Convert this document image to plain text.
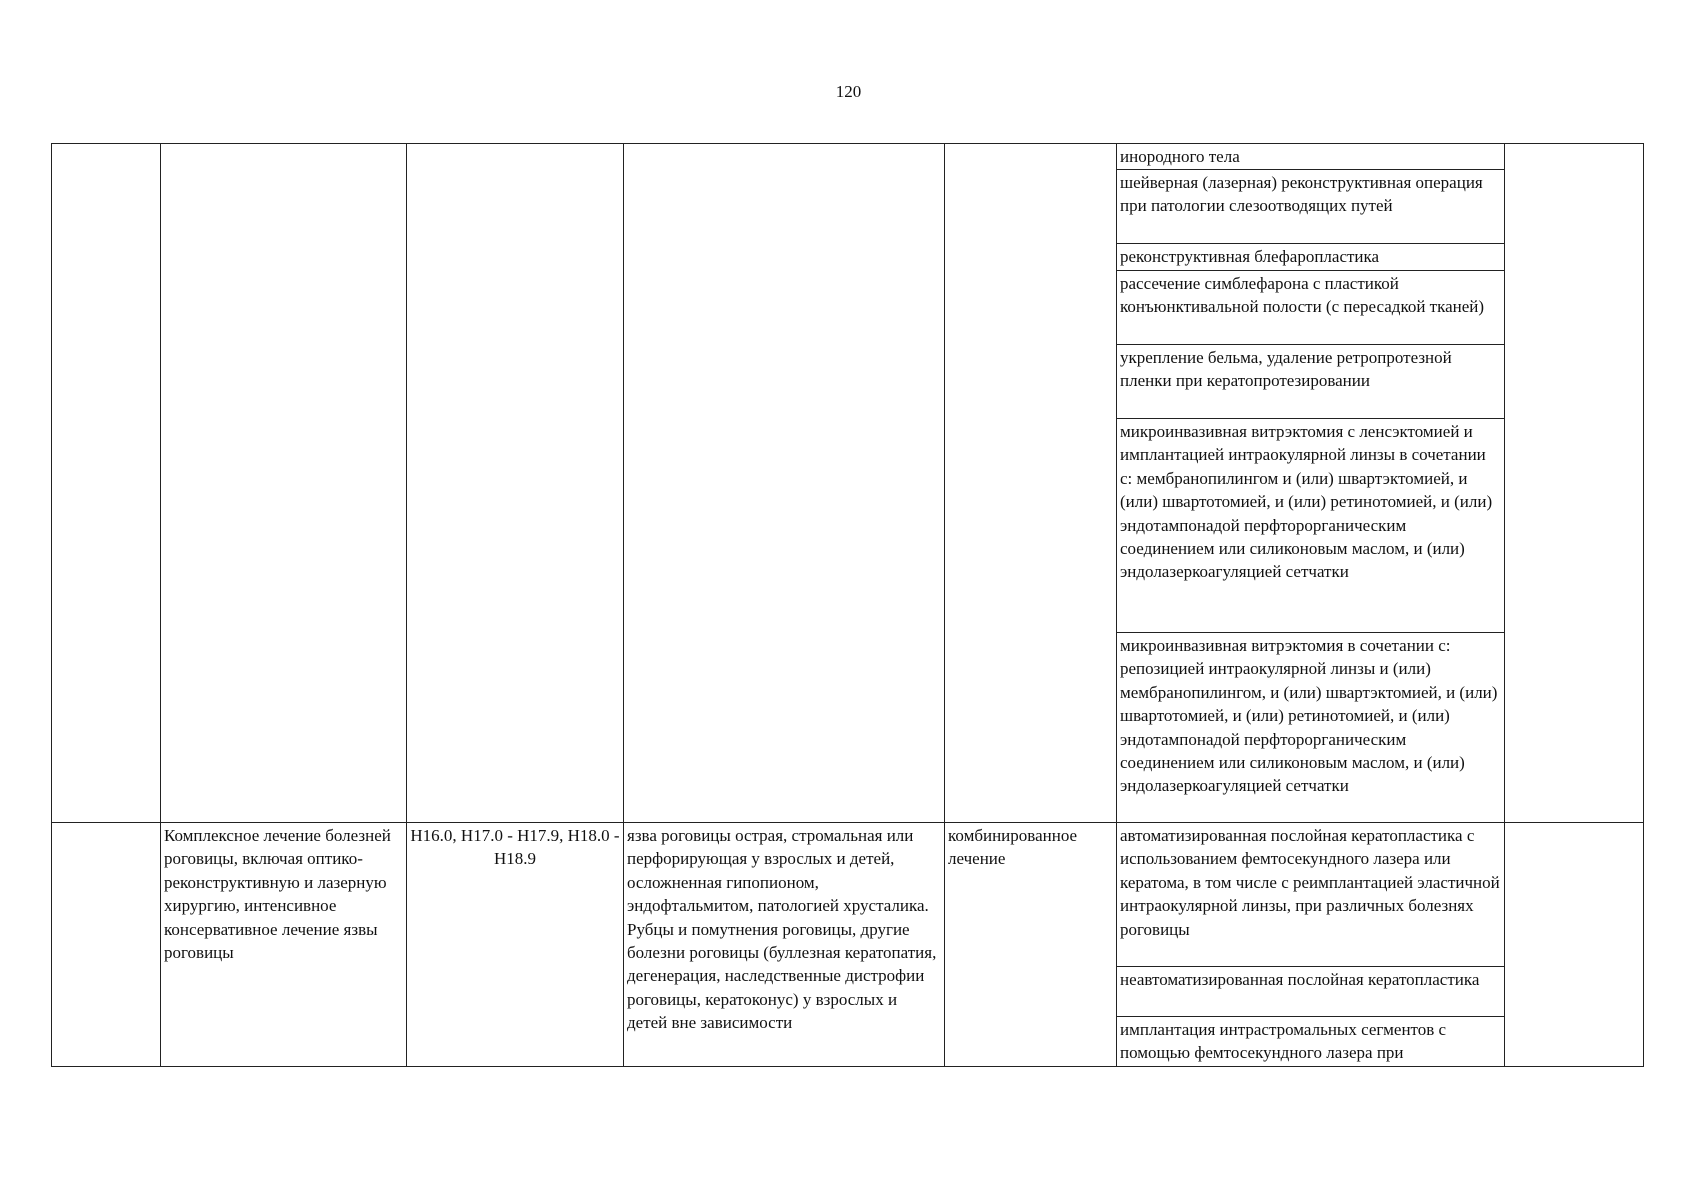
120
					инородного тела	
					шейверная (лазерная) реконструктивная операция при патологии слезоотводящих путей	
					реконструктивная блефаропластика	
					рассечение симблефарона с пластикой конъюнктивальной полости (с пересадкой тканей)	
					укрепление бельма, удаление ретропротезной пленки при кератопротезировании	
					микроинвазивная витрэктомия с ленсэктомией и имплантацией интраокулярной линзы в сочетании с: мембранопилингом и (или) швартэктомией, и (или) швартотомией, и (или) ретинотомией, и (или) эндотампонадой перфторорганическим соединением или силиконовым маслом, и (или) эндолазеркоагуляцией сетчатки	
					микроинвазивная витрэктомия в сочетании с: репозицией интраокулярной линзы и (или) мембранопилингом, и (или) швартэктомией, и (или) швартотомией, и (или) ретинотомией, и (или) эндотампонадой перфторорганическим соединением или силиконовым маслом, и (или) эндолазеркоагуляцией сетчатки	
	Комплексное лечение болезней роговицы, включая оптико-реконструктивную и лазерную хирургию, интенсивное консервативное лечение язвы роговицы	H16.0, H17.0 - H17.9, H18.0 - H18.9	язва роговицы острая, стромальная или перфорирующая у взрослых и детей, осложненная гипопионом, эндофтальмитом, патологией хрусталика. Рубцы и помутнения роговицы, другие болезни роговицы (буллезная кератопатия, дегенерация, наследственные дистрофии роговицы, кератоконус) у взрослых и детей вне зависимости	комбинированное лечение	автоматизированная послойная кератопластика с использованием фемтосекундного лазера или кератома, в том числе с реимплантацией эластичной интраокулярной линзы, при различных болезнях роговицы	
					неавтоматизированная послойная кератопластика	
					имплантация интрастромальных сегментов с помощью фемтосекундного лазера при	
